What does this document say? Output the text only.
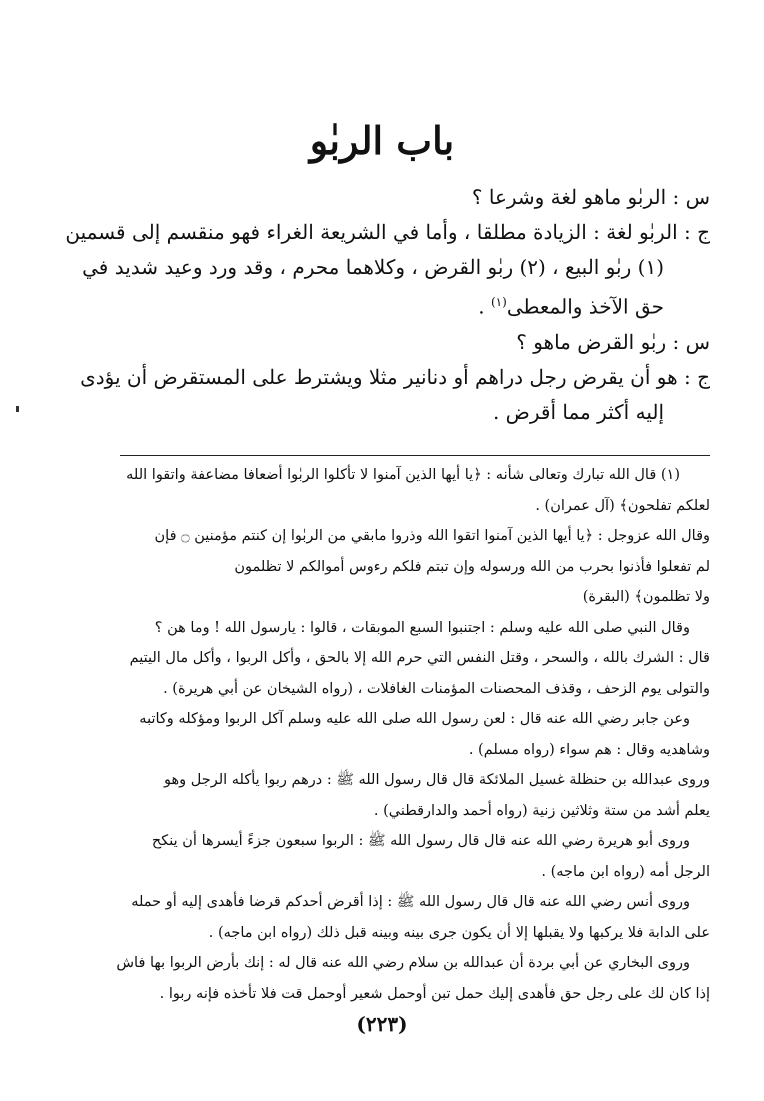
باب الربٰو
س : الربٰو ماهو لغة وشرعا ؟
ج : الربٰو لغة : الزيادة مطلقا ، وأما في الشريعة الغراء فهو منقسم إلى قسمين
(١) ربٰو البيع ، (٢) ربٰو القرض ، وكلاهما محرم ، وقد ورد وعيد شديد في
حق الآخذ والمعطى$^{(١)}$ .
س : ربٰو القرض ماهو ؟
ج : هو أن يقرض رجل دراهم أو دنانير مثلا ويشترط على المستقرض أن يؤدى
إليه أكثر مما أقرض .
(١) قال الله تبارك وتعالى شأنه : ﴿يا أيها الذين آمنوا لا تأكلوا الربٰوا أضعافا مضاعفة واتقوا الله
لعلكم تفلحون﴾ (آل عمران) .
وقال الله عزوجل : ﴿يا أيها الذين آمنوا اتقوا الله وذروا مابقي من الربٰوا إن كنتم مؤمنين ۝ فإن
لم تفعلوا فأذنوا بحرب من الله ورسوله وإن تبتم فلكم رءوس أموالكم لا تظلمون
ولا تظلمون﴾ (البقرة)
وقال النبي صلى الله عليه وسلم : اجتنبوا السبع الموبقات ، قالوا : يارسول الله ! وما هن ؟
قال : الشرك بالله ، والسحر ، وقتل النفس التي حرم الله إلا بالحق ، وأكل الربوا ، وأكل مال اليتيم
والتولى يوم الزحف ، وقذف المحصنات المؤمنات الغافلات ، (رواه الشيخان عن أبي هريرة) .
وعن جابر رضي الله عنه قال : لعن رسول الله صلى الله عليه وسلم آكل الربوا ومؤكله وكاتبه
وشاهديه وقال : هم سواء (رواه مسلم) .
وروى عبدالله بن حنظلة غسيل الملائكة قال قال رسول الله ﷺ : درهم ربوا يأكله الرجل وهو
يعلم أشد من ستة وثلاثين زنية (رواه أحمد والدارقطني) .
وروى أبو هريرة رضي الله عنه قال قال رسول الله ﷺ : الربوا سبعون جزءً أيسرها أن ينكح
الرجل أمه (رواه ابن ماجه) .
وروى أنس رضي الله عنه قال قال رسول الله ﷺ : إذا أقرض أحدكم قرضا فأهدى إليه أو حمله
على الدابة فلا يركبها ولا يقبلها إلا أن يكون جرى بينه وبينه قبل ذلك (رواه ابن ماجه) .
وروى البخاري عن أبي بردة أن عبدالله بن سلام رضي الله عنه قال له : إنك بأرض الربوا بها فاش
إذا كان لك على رجل حق فأهدى إليك حمل تبن أوحمل شعير أوحمل قت فلا تأخذه فإنه ربوا .
(٢٢٣)
